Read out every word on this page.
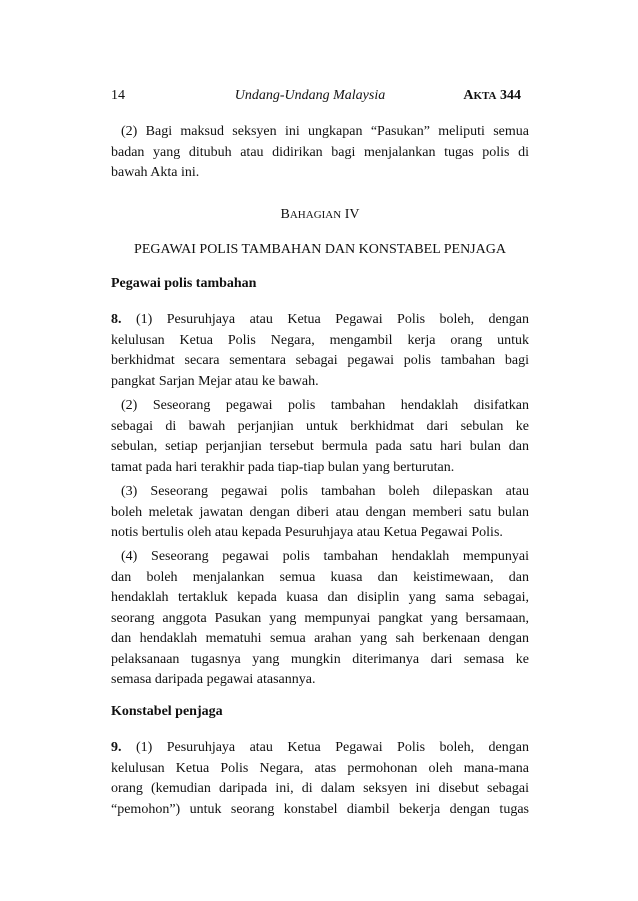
14	Undang-Undang Malaysia	AKTA 344
(2) Bagi maksud seksyen ini ungkapan “Pasukan” meliputi semua
badan yang ditubuh atau didirikan bagi menjalankan tugas polis di
bawah Akta ini.
BAHAGIAN IV
PEGAWAI POLIS TAMBAHAN DAN KONSTABEL PENJAGA
Pegawai polis tambahan
8. (1) Pesuruhjaya atau Ketua Pegawai Polis boleh, dengan
kelulusan Ketua Polis Negara, mengambil kerja orang untuk
berkhidmat secara sementara sebagai pegawai polis tambahan bagi
pangkat Sarjan Mejar atau ke bawah.
(2) Seseorang pegawai polis tambahan hendaklah disifatkan
sebagai di bawah perjanjian untuk berkhidmat dari sebulan ke
sebulan, setiap perjanjian tersebut bermula pada satu hari bulan dan
tamat pada hari terakhir pada tiap-tiap bulan yang berturutan.
(3) Seseorang pegawai polis tambahan boleh dilepaskan atau
boleh meletak jawatan dengan diberi atau dengan memberi satu bulan
notis bertulis oleh atau kepada Pesuruhjaya atau Ketua Pegawai Polis.
(4) Seseorang pegawai polis tambahan hendaklah mempunyai
dan boleh menjalankan semua kuasa dan keistimewaan, dan
hendaklah tertakluk kepada kuasa dan disiplin yang sama sebagai,
seorang anggota Pasukan yang mempunyai pangkat yang bersamaan,
dan hendaklah mematuhi semua arahan yang sah berkenaan dengan
pelaksanaan tugasnya yang mungkin diterimanya dari semasa ke
semasa daripada pegawai atasannya.
Konstabel penjaga
9. (1) Pesuruhjaya atau Ketua Pegawai Polis boleh, dengan
kelulusan Ketua Polis Negara, atas permohonan oleh mana-mana
orang (kemudian daripada ini, di dalam seksyen ini disebut sebagai
“pemohon”) untuk seorang konstabel diambil bekerja dengan tugas
